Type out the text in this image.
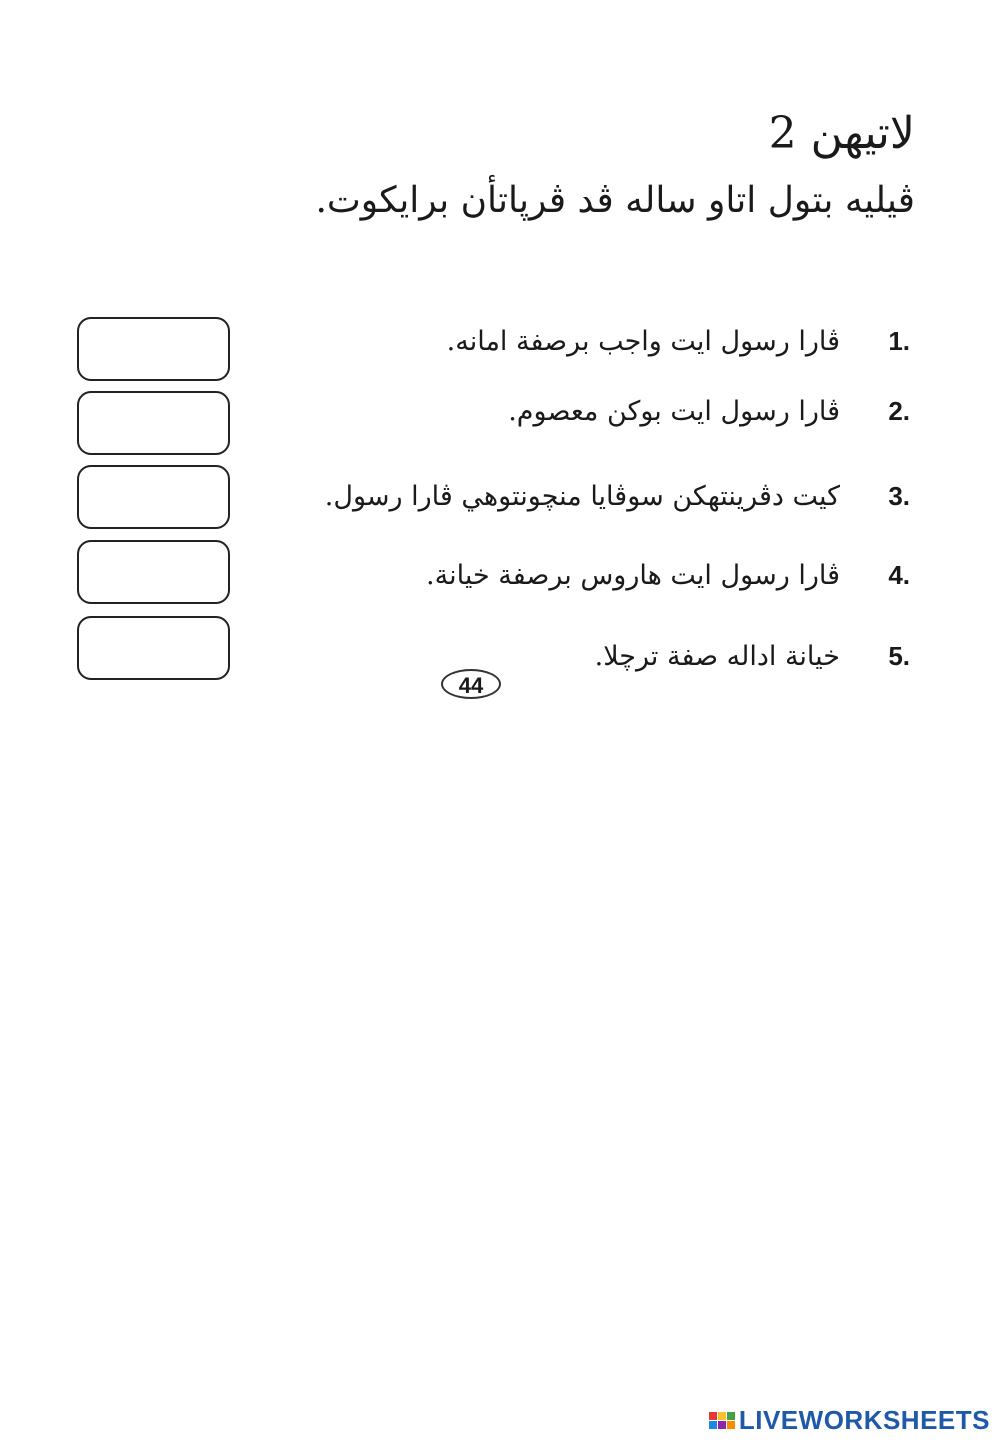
لاتيهن 2
ڤيليه بتول اتاو ساله ڤد ڤرڽاتأن برايكوت.
1.
ڤارا رسول ايت واجب برصفة امانه.
2.
ڤارا رسول ايت بوكن معصوم.
3.
كيت دڤرينتهكن سوڤايا منچونتوهي ڤارا رسول.
4.
ڤارا رسول ايت هاروس برصفة خيانة.
5.
خيانة اداله صفة ترچلا.
44
LIVEWORKSHEETS
